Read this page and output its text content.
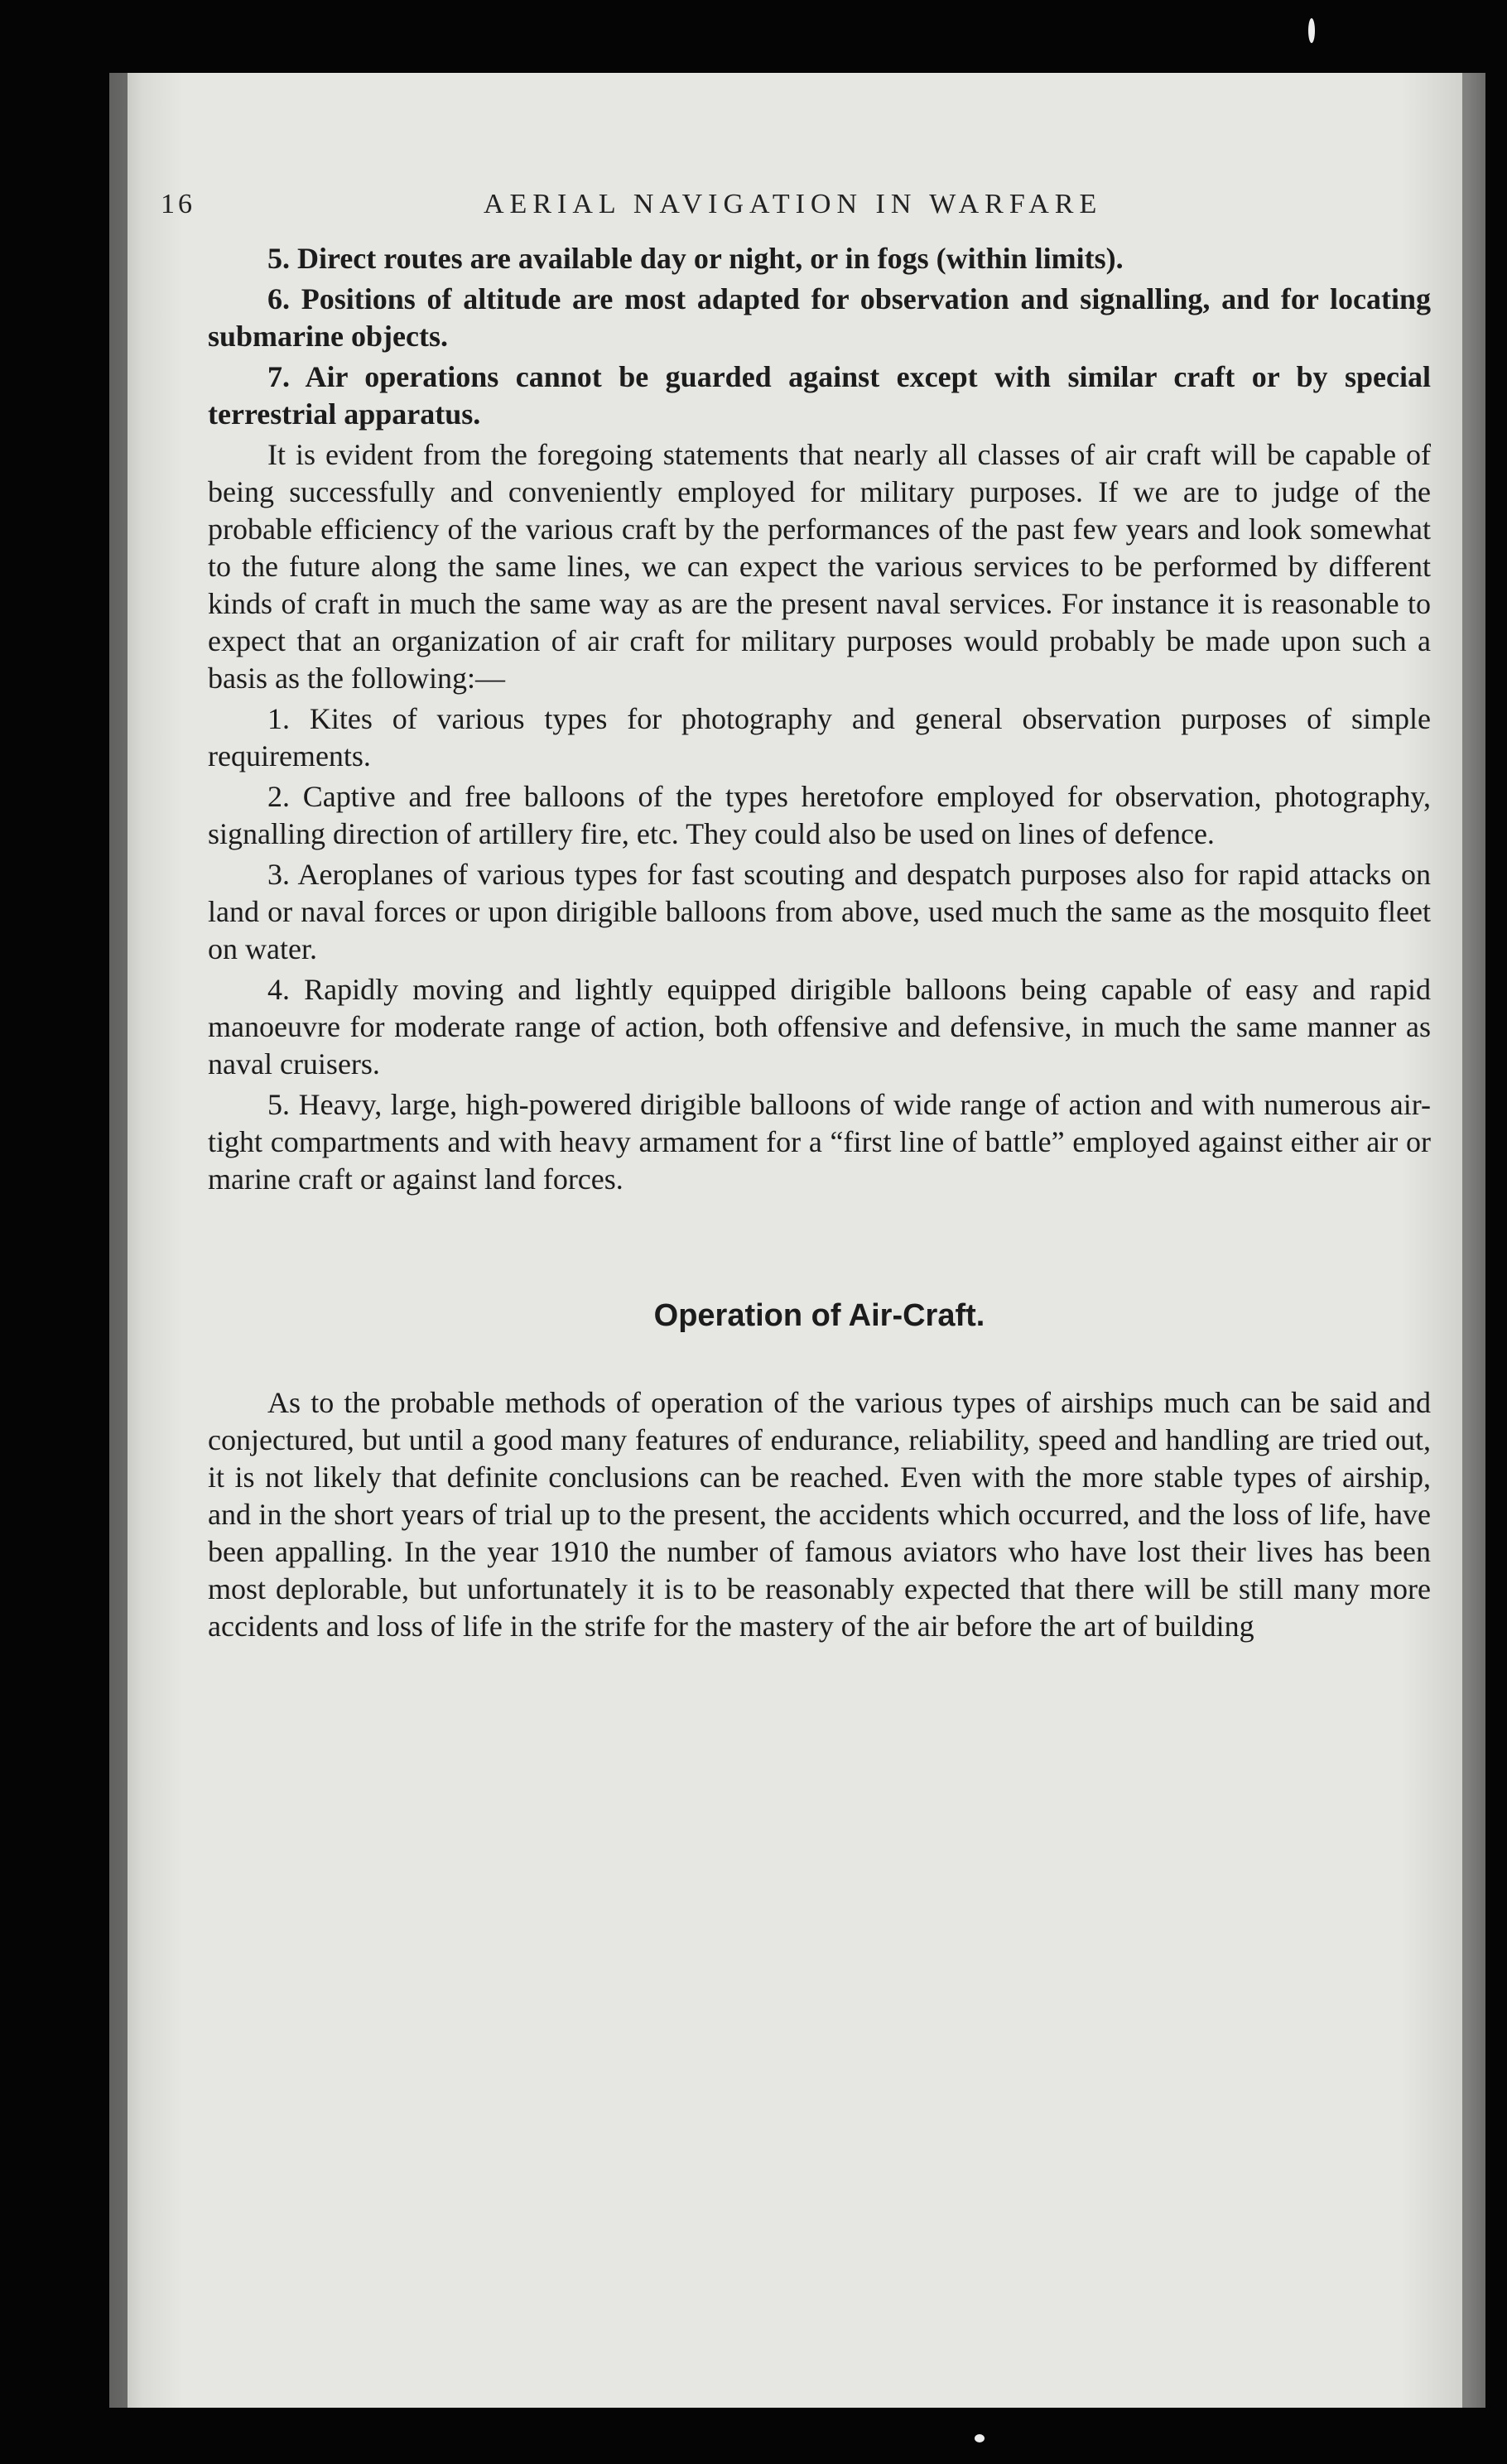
16	AERIAL NAVIGATION IN WARFARE

5. Direct routes are available day or night, or in fogs (within limits).

6. Positions of altitude are most adapted for observation and signalling, and for locating submarine objects.

7. Air operations cannot be guarded against except with similar craft or by special terrestrial apparatus.

It is evident from the foregoing statements that nearly all classes of air craft will be capable of being successfully and conveniently employed for military purposes. If we are to judge of the probable efficiency of the various craft by the performances of the past few years and look somewhat to the future along the same lines, we can expect the various services to be performed by different kinds of craft in much the same way as are the present naval services. For instance it is reasonable to expect that an organization of air craft for military purposes would probably be made upon such a basis as the following:—

1. Kites of various types for photography and general observation purposes of simple requirements.

2. Captive and free balloons of the types heretofore employed for observation, photography, signalling direction of artillery fire, etc. They could also be used on lines of defence.

3. Aeroplanes of various types for fast scouting and despatch purposes also for rapid attacks on land or naval forces or upon dirigible balloons from above, used much the same as the mosquito fleet on water.

4. Rapidly moving and lightly equipped dirigible balloons being capable of easy and rapid manoeuvre for moderate range of action, both offensive and defensive, in much the same manner as naval cruisers.

5. Heavy, large, high-powered dirigible balloons of wide range of action and with numerous air-tight compartments and with heavy armament for a “first line of battle” employed against either air or marine craft or against land forces.

Operation of Air-Craft.

As to the probable methods of operation of the various types of airships much can be said and conjectured, but until a good many features of endurance, reliability, speed and handling are tried out, it is not likely that definite conclusions can be reached. Even with the more stable types of airship, and in the short years of trial up to the present, the accidents which occurred, and the loss of life, have been appalling. In the year 1910 the number of famous aviators who have lost their lives has been most deplorable, but unfortunately it is to be reasonably expected that there will be still many more accidents and loss of life in the strife for the mastery of the air before the art of building
